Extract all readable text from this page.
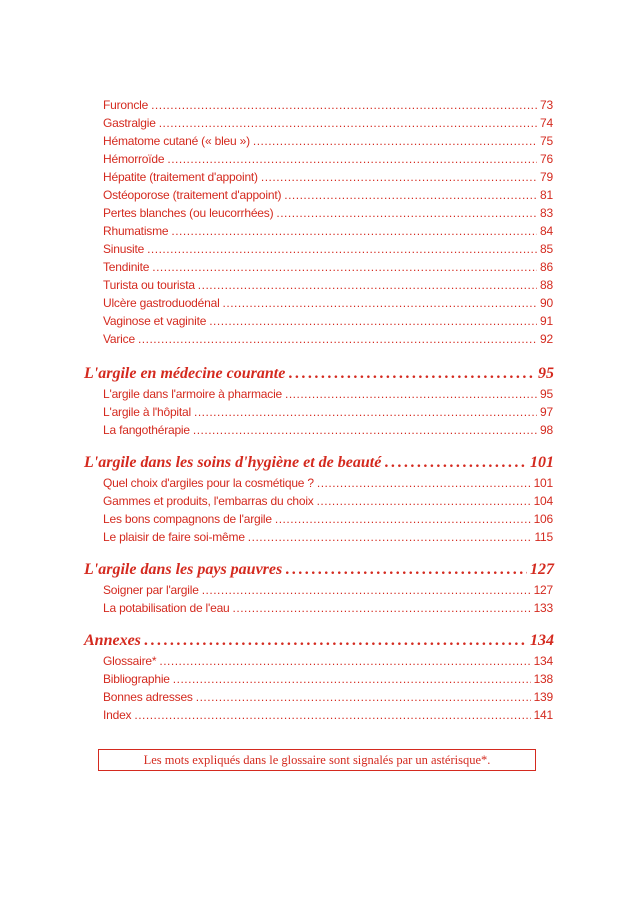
Furoncle .....	73
Gastralgie .....	74
Hématome cutané (« bleu ») .....	75
Hémorroïde .....	76
Hépatite (traitement d'appoint) .....	79
Ostéoporose (traitement d'appoint) .....	81
Pertes blanches (ou leucorrhées) .....	83
Rhumatisme .....	84
Sinusite .....	85
Tendinite .....	86
Turista ou tourista .....	88
Ulcère gastroduodénal .....	90
Vaginose et vaginite .....	91
Varice .....	92
L'argile en médecine courante .....	95
L'argile dans l'armoire à pharmacie .....	95
L'argile à l'hôpital .....	97
La fangothérapie .....	98
L'argile dans les soins d'hygiène et de beauté .....	101
Quel choix d'argiles pour la cosmétique ? .....	101
Gammes et produits, l'embarras du choix .....	104
Les bons compagnons de l'argile .....	106
Le plaisir de faire soi-même .....	115
L'argile dans les pays pauvres .....	127
Soigner par l'argile .....	127
La potabilisation de l'eau .....	133
Annexes .....	134
Glossaire* .....	134
Bibliographie .....	138
Bonnes adresses .....	139
Index .....	141
Les mots expliqués dans le glossaire sont signalés par un astérisque*.
